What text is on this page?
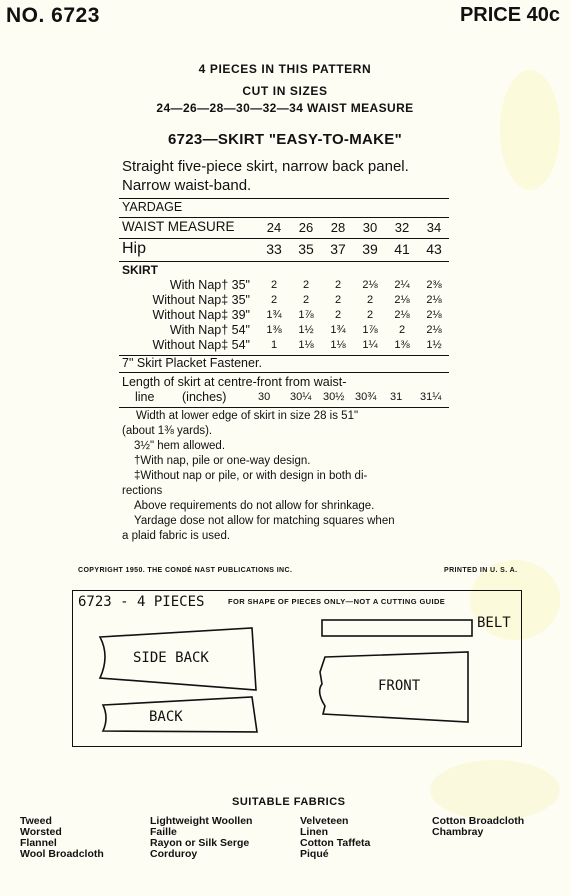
NO. 6723	PRICE 40c
4 PIECES IN THIS PATTERN
CUT IN SIZES
24—26—28—30—32—34 WAIST MEASURE
6723—SKIRT "EASY-TO-MAKE"
Straight five-piece skirt, narrow back panel.
Narrow waist-band.
YARDAGE
WAIST MEASURE	24	26	28	30	32	34
Hip	33	35	37	39	41	43
SKIRT
With Nap† 35"	2	2	2	2⅛	2¼	2⅜
Without Nap‡ 35"	2	2	2	2	2⅛	2⅛
Without Nap‡ 39"	1¾	1⅞	2	2	2⅛	2⅛
With Nap† 54"	1⅜	1½	1¾	1⅞	2	2⅛
Without Nap‡ 54"	1	1⅛	1⅛	1¼	1⅜	1½
7" Skirt Placket Fastener.
Length of skirt at centre-front from waist-
line (inches)	30 30¼ 30½ 30¾ 31 31¼
Width at lower edge of skirt in size 28 is 51"
(about 1⅜ yards).
3½" hem allowed.
†With nap, pile or one-way design.
‡Without nap or pile, or with design in both di-
rections
Above requirements do not allow for shrinkage.
Yardage dose not allow for matching squares when
a plaid fabric is used.
COPYRIGHT 1950. THE CONDÉ NAST PUBLICATIONS INC.	PRINTED IN U. S. A.
6723 - 4 PIECES	FOR SHAPE OF PIECES ONLY—NOT A CUTTING GUIDE
SIDE BACK
BACK
FRONT
BELT
SUITABLE FABRICS
Tweed
Worsted
Flannel
Wool Broadcloth
Lightweight Woollen
Faille
Rayon or Silk Serge
Corduroy
Velveteen
Linen
Cotton Taffeta
Piqué
Cotton Broadcloth
Chambray
